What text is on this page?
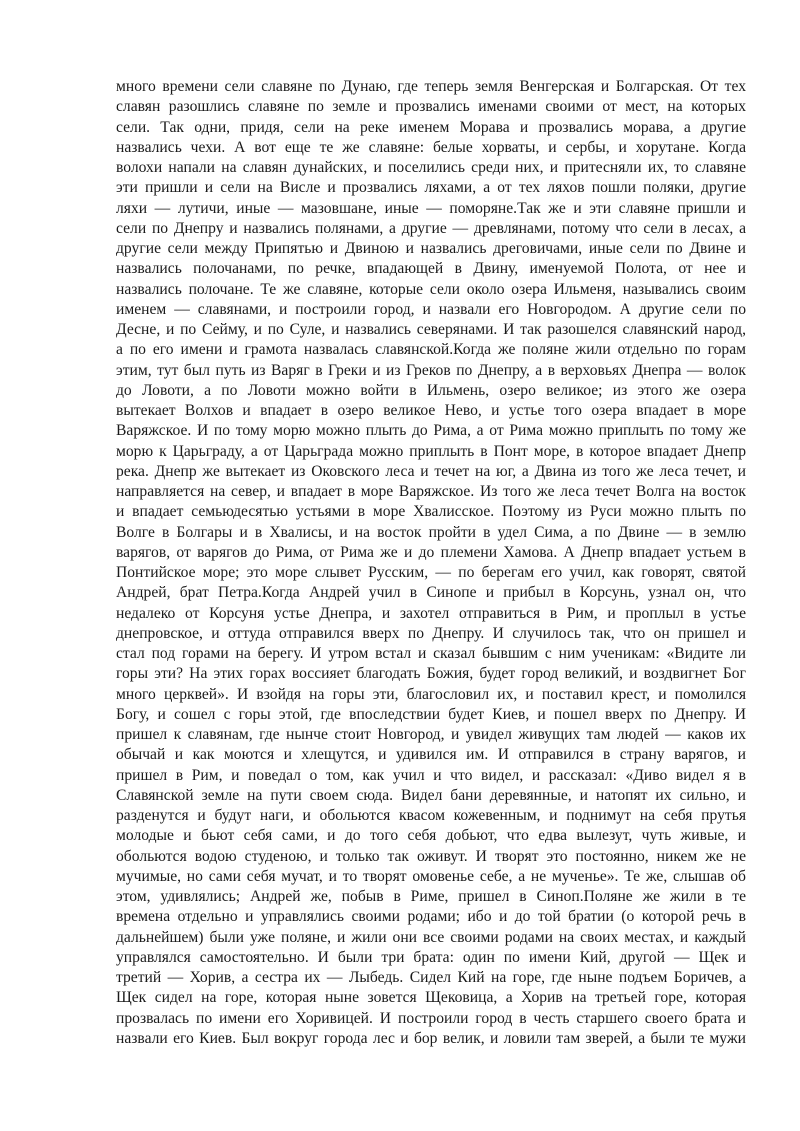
много времени сели славяне по Дунаю, где теперь земля Венгерская и Болгарская. От тех
славян разошлись славяне по земле и прозвались именами своими от мест, на которых
сели. Так одни, придя, сели на реке именем Морава и прозвались морава, а другие
назвались чехи. А вот еще те же славяне: белые хорваты, и сербы, и хорутане. Когда
волохи напали на славян дунайских, и поселились среди них, и притесняли их, то славяне
эти пришли и сели на Висле и прозвались ляхами, а от тех ляхов пошли поляки, другие
ляхи — лутичи, иные — мазовшане, иные — поморяне.Так же и эти славяне пришли и
сели по Днепру и назвались полянами, а другие — древлянами, потому что сели в лесах, а
другие сели между Припятью и Двиною и назвались дреговичами, иные сели по Двине и
назвались полочанами, по речке, впадающей в Двину, именуемой Полота, от нее и
назвались полочане. Те же славяне, которые сели около озера Ильменя, назывались своим
именем — славянами, и построили город, и назвали его Новгородом. А другие сели по
Десне, и по Сейму, и по Суле, и назвались северянами. И так разошелся славянский народ,
а по его имени и грамота назвалась славянской.Когда же поляне жили отдельно по горам
этим, тут был путь из Варяг в Греки и из Греков по Днепру, а в верховьях Днепра — волок
до Ловоти, а по Ловоти можно войти в Ильмень, озеро великое; из этого же озера
вытекает Волхов и впадает в озеро великое Нево, и устье того озера впадает в море
Варяжское. И по тому морю можно плыть до Рима, а от Рима можно приплыть по тому же
морю к Царьграду, а от Царьграда можно приплыть в Понт море, в которое впадает Днепр
река. Днепр же вытекает из Оковского леса и течет на юг, а Двина из того же леса течет, и
направляется на север, и впадает в море Варяжское. Из того же леса течет Волга на восток
и впадает семьюдесятью устьями в море Хвалисское. Поэтому из Руси можно плыть по
Волге в Болгары и в Хвалисы, и на восток пройти в удел Сима, а по Двине — в землю
варягов, от варягов до Рима, от Рима же и до племени Хамова. А Днепр впадает устьем в
Понтийское море; это море слывет Русским, — по берегам его учил, как говорят, святой
Андрей, брат Петра.Когда Андрей учил в Синопе и прибыл в Корсунь, узнал он, что
недалеко от Корсуня устье Днепра, и захотел отправиться в Рим, и проплыл в устье
днепровское, и оттуда отправился вверх по Днепру. И случилось так, что он пришел и
стал под горами на берегу. И утром встал и сказал бывшим с ним ученикам: «Видите ли
горы эти? На этих горах воссияет благодать Божия, будет город великий, и воздвигнет Бог
много церквей». И взойдя на горы эти, благословил их, и поставил крест, и помолился
Богу, и сошел с горы этой, где впоследствии будет Киев, и пошел вверх по Днепру. И
пришел к славянам, где нынче стоит Новгород, и увидел живущих там людей — каков их
обычай и как моются и хлещутся, и удивился им. И отправился в страну варягов, и
пришел в Рим, и поведал о том, как учил и что видел, и рассказал: «Диво видел я в
Славянской земле на пути своем сюда. Видел бани деревянные, и натопят их сильно, и
разденутся и будут наги, и обольются квасом кожевенным, и поднимут на себя прутья
молодые и бьют себя сами, и до того себя добьют, что едва вылезут, чуть живые, и
обольются водою студеною, и только так оживут. И творят это постоянно, никем же не
мучимые, но сами себя мучат, и то творят омовенье себе, а не мученье». Те же, слышав об
этом, удивлялись; Андрей же, побыв в Риме, пришел в Синоп.Поляне же жили в те
времена отдельно и управлялись своими родами; ибо и до той братии (о которой речь в
дальнейшем) были уже поляне, и жили они все своими родами на своих местах, и каждый
управлялся самостоятельно. И были три брата: один по имени Кий, другой — Щек и
третий — Хорив, а сестра их — Лыбедь. Сидел Кий на горе, где ныне подъем Боричев, а
Щек сидел на горе, которая ныне зовется Щековица, а Хорив на третьей горе, которая
прозвалась по имени его Хоривицей. И построили город в честь старшего своего брата и
назвали его Киев. Был вокруг города лес и бор велик, и ловили там зверей, а были те мужи
